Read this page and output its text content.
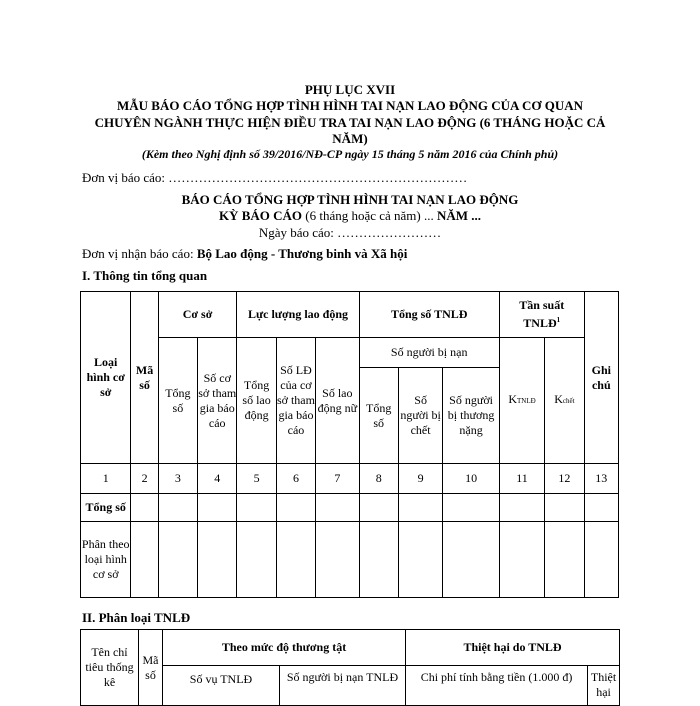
PHỤ LỤC XVII
MẪU BÁO CÁO TỔNG HỢP TÌNH HÌNH TAI NẠN LAO ĐỘNG CỦA CƠ QUAN
CHUYÊN NGÀNH THỰC HIỆN ĐIỀU TRA TAI NẠN LAO ĐỘNG (6 THÁNG HOẶC CẢ
NĂM)
(Kèm theo Nghị định số 39/2016/NĐ-CP ngày 15 tháng 5 năm 2016 của Chính phủ)
Đơn vị báo cáo: ……………………………………………………………
BÁO CÁO TỔNG HỢP TÌNH HÌNH TAI NẠN LAO ĐỘNG
KỲ BÁO CÁO (6 tháng hoặc cả năm) ... NĂM ...
Ngày báo cáo: ……………………
Đơn vị nhận báo cáo: Bộ Lao động - Thương binh và Xã hội
I. Thông tin tổng quan
Loại hình cơ sở	Mã số	Cơ sở		Lực lượng lao động			Tổng số TNLĐ			Tần suất TNLĐ$^1$		Ghi chú
		Tổng số	Số cơ sở tham gia báo cáo	Tổng số lao động	Số LĐ của cơ sở tham gia báo cáo	Số lao động nữ	Số người bị nạn			KTNLĐ	Kchết	
							Tổng số	Số người bị chết	Số người bị thương nặng			
1	2	3	4	5	6	7	8	9	10	11	12	13
Tổng số												
Phân theo loại hình cơ sở												
II. Phân loại TNLĐ
Tên chỉ tiêu thống kê	Mã số	Theo mức độ thương tật		Thiệt hại do TNLĐ	
		Số vụ TNLĐ	Số người bị nạn TNLĐ	Chi phí tính bằng tiền (1.000 đ)	Thiệt hại
